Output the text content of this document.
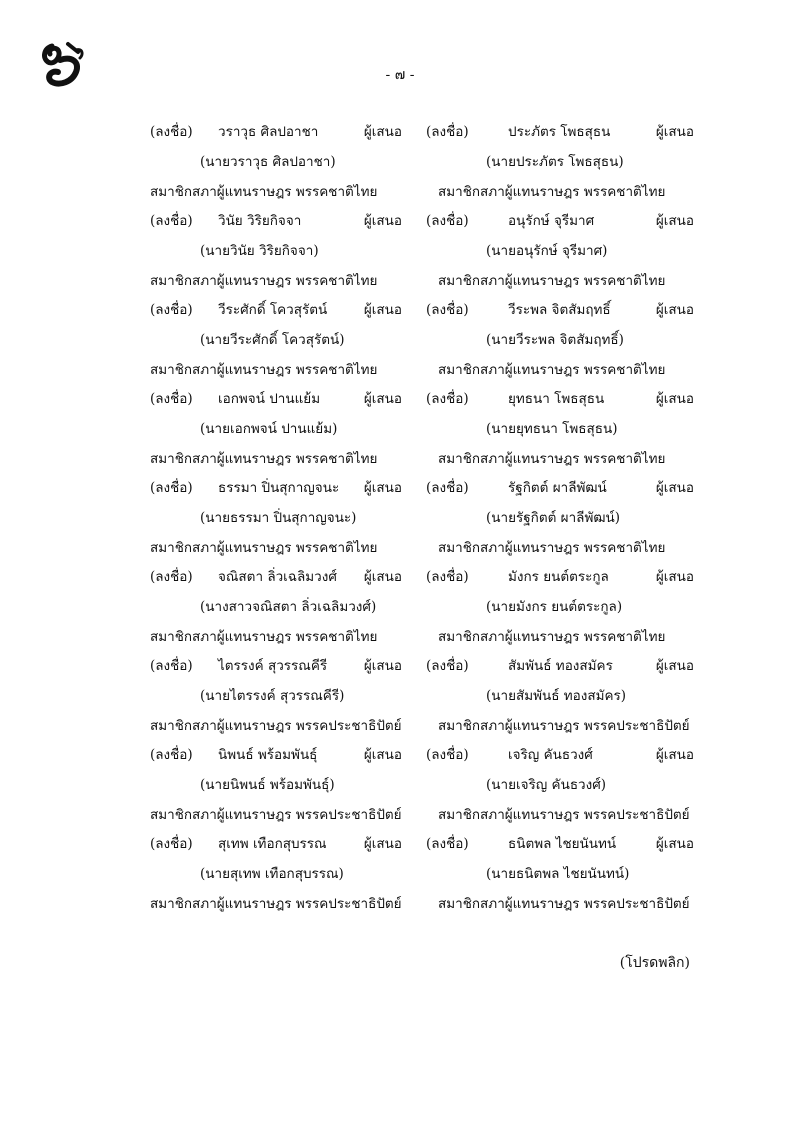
- ๗ -
(ลงชื่อ) วราวุธ ศิลปอาชา	ผู้เสนอ (ลงชื่อ)	ประภัตร โพธสุธน	ผู้เสนอ
(นายวราวุธ ศิลปอาชา)	(นายประภัตร โพธสุธน)
สมาชิกสภาผู้แทนราษฎร พรรคชาติไทย	สมาชิกสภาผู้แทนราษฎร พรรคชาติไทย
(ลงชื่อ) วินัย วิริยกิจจา	ผู้เสนอ (ลงชื่อ)	อนุรักษ์ จุรีมาศ	ผู้เสนอ
(นายวินัย วิริยกิจจา)	(นายอนุรักษ์ จุรีมาศ)
สมาชิกสภาผู้แทนราษฎร พรรคชาติไทย	สมาชิกสภาผู้แทนราษฎร พรรคชาติไทย
(ลงชื่อ) วีระศักดิ์ โควสุรัตน์	ผู้เสนอ (ลงชื่อ)	วีระพล จิตสัมฤทธิ์	ผู้เสนอ
(นายวีระศักดิ์ โควสุรัตน์)	(นายวีระพล จิตสัมฤทธิ์)
สมาชิกสภาผู้แทนราษฎร พรรคชาติไทย	สมาชิกสภาผู้แทนราษฎร พรรคชาติไทย
(ลงชื่อ) เอกพจน์ ปานแย้ม	ผู้เสนอ (ลงชื่อ)	ยุทธนา โพธสุธน	ผู้เสนอ
(นายเอกพจน์ ปานแย้ม)	(นายยุทธนา โพธสุธน)
สมาชิกสภาผู้แทนราษฎร พรรคชาติไทย	สมาชิกสภาผู้แทนราษฎร พรรคชาติไทย
(ลงชื่อ) ธรรมา ปิ่นสุกาญจนะ ผู้เสนอ (ลงชื่อ)	รัฐกิตต์ ผาลีพัฒน์	ผู้เสนอ
(นายธรรมา ปิ่นสุกาญจนะ)	(นายรัฐกิตต์ ผาลีพัฒน์)
สมาชิกสภาผู้แทนราษฎร พรรคชาติไทย	สมาชิกสภาผู้แทนราษฎร พรรคชาติไทย
(ลงชื่อ) จณิสตา ลิ่วเฉลิมวงศ์ ผู้เสนอ (ลงชื่อ)	มังกร ยนต์ตระกูล	ผู้เสนอ
(นางสาวจณิสตา ลิ่วเฉลิมวงศ์)	(นายมังกร ยนต์ตระกูล)
สมาชิกสภาผู้แทนราษฎร พรรคชาติไทย	สมาชิกสภาผู้แทนราษฎร พรรคชาติไทย
(ลงชื่อ) ไตรรงค์ สุวรรณคีรี	ผู้เสนอ (ลงชื่อ)	สัมพันธ์ ทองสมัคร	ผู้เสนอ
(นายไตรรงค์ สุวรรณคีรี)	(นายสัมพันธ์ ทองสมัคร)
สมาชิกสภาผู้แทนราษฎร พรรคประชาธิปัตย์	สมาชิกสภาผู้แทนราษฎร พรรคประชาธิปัตย์
(ลงชื่อ) นิพนธ์ พร้อมพันธุ์	ผู้เสนอ (ลงชื่อ)	เจริญ คันธวงศ์	ผู้เสนอ
(นายนิพนธ์ พร้อมพันธุ์)	(นายเจริญ คันธวงศ์)
สมาชิกสภาผู้แทนราษฎร พรรคประชาธิปัตย์	สมาชิกสภาผู้แทนราษฎร พรรคประชาธิปัตย์
(ลงชื่อ) สุเทพ เทือกสุบรรณ	ผู้เสนอ (ลงชื่อ)	ธนิตพล ไชยนันทน์	ผู้เสนอ
(นายสุเทพ เทือกสุบรรณ)	(นายธนิตพล ไชยนันทน์)
สมาชิกสภาผู้แทนราษฎร พรรคประชาธิปัตย์	สมาชิกสภาผู้แทนราษฎร พรรคประชาธิปัตย์
(โปรดพลิก)
